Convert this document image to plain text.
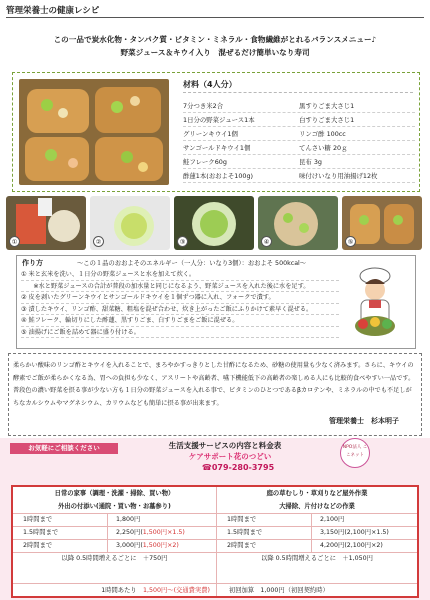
管理栄養士の健康レシピ
この一品で炭水化物・タンパク質・ビタミン・ミネラル・食物繊維がとれるバランスメニュー♪
野菜ジュース＆キウイ入り　混ぜるだけ簡単いなり寿司
材料（4人分）
7分つき米2合	黒すりごま大さじ1
1日分の野菜ジュース1本	白すりごま大さじ1
グリーンキウイ1個	リンゴ酢 100cc
サンゴールドキウイ1個	てんさい糖 20ｇ
鮭フレーク60g	昆布 3g
酢蓮1本(おおよそ100g)	味付けいなり用油揚げ12枚
①	②	③	④	⑤
作り方	～この１品のおおよそのエネルギー（一人分：いなり3個）：おおよそ 500kcal～
① 米と玄米を洗い、１日分の野菜ジュースと水を加えて炊く。
　　※水と野菜ジュースの合計が普段の加水量と同じになるよう、野菜ジュースを入れた後に水を足す。
② 皮を剥いたグリーンキウイとサンゴールドキウイを１個ずつ器に入れ、フォークで潰す。
③ 漬したキウイ、リンゴ酢、甜菜糖、粗塩を混ぜ合わせ、炊き上がったご飯にふりかけて素早く混ぜる。
④ 鮭フレーク、輪切りにした酢蓮、黒すりごま、白すりごまをご飯に混ぜる。
⑤ 油揚げにご飯を詰めて器に盛り付ける。
柔らかい酸味のリンゴ酢とキウイを入れることで、まろやかすっきりとした甘酢になるため、砂糖の使用量も少なく済みます。さらに、キウイの酵素でご飯が柔らかくなる為、胃への負担も少なく、アスリートや高齢者、嚥下機能低下の高齢者の楽しめる人にも比較的食べやすい一品です。普段色の濃い野菜を摂る事が少ない方も１日分の野菜ジュースを入れる事で、ビタミンのひとつであるβカロテンや、ミネラルの中でも不足しがちなカルシウムやマグネシウム、カリウムなども簡単に摂る事が出来ます。
管理栄養士　杉本明子
お気軽にご相談ください	生活支援サービスの内容と料金表
ケアサポート花のつどい
☎079-280-3795
NPO法人 ここネット
日常の家事（調理・洗濯・掃除、買い物）
外出の付添い(通院・買い物・お墓参り)
1時間まで	1,800円
1.5時間まで	2,250円(1,500円×1.5)
2時間まで	3,000円(1,500円×2)
以降 0.5時間増えるごとに　＋750円
庭の草むしり・草刈りなど屋外作業
大掃除、片付けなどの作業
1時間まで	2,100円
1.5時間まで	3,150円(2,100円×1.5)
2時間まで	4,200円(2,100円×2)
以降 0.5時間増えるごとに　＋1,050円
1時間あたり　1,500円～(交通費実費)　　　初回加算　1,000円（初回契約時）
